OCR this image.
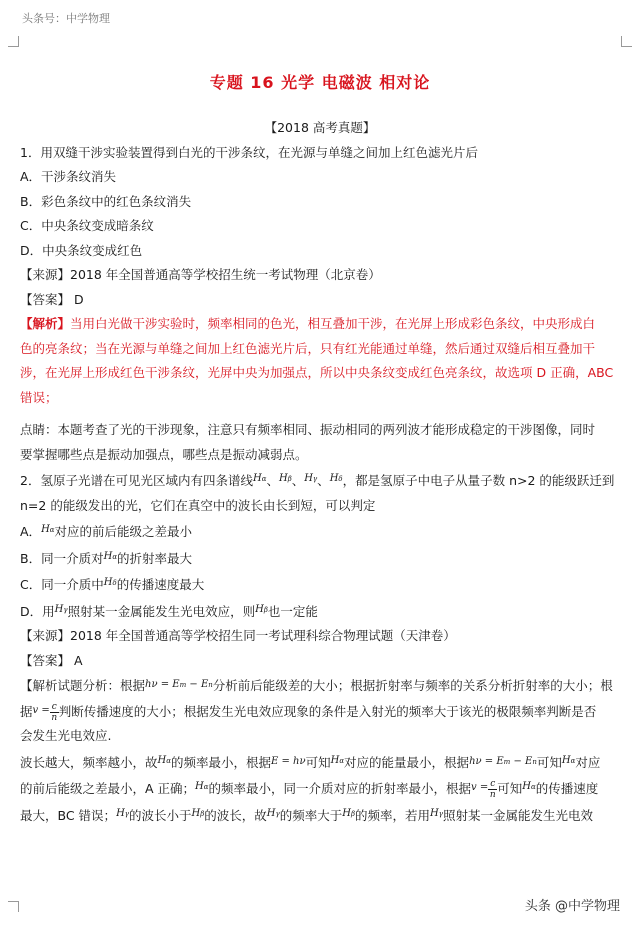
头条号：中学物理
专题 16 光学 电磁波 相对论
【2018 高考真题】
1．用双缝干涉实验装置得到白光的干涉条纹，在光源与单缝之间加上红色滤光片后
A．干涉条纹消失
B．彩色条纹中的红色条纹消失
C．中央条纹变成暗条纹
D．中央条纹变成红色
【来源】2018 年全国普通高等学校招生统一考试物理（北京卷）
【答案】 D
【解析】当用白光做干涉实验时，频率相同的色光，相互叠加干涉，在光屏上形成彩色条纹，中央形成白
色的亮条纹；当在光源与单缝之间加上红色滤光片后，只有红光能通过单缝，然后通过双缝后相互叠加干
涉，在光屏上形成红色干涉条纹，光屏中央为加强点，所以中央条纹变成红色亮条纹，故选项 D 正确，ABC
错误；
点睛：本题考查了光的干涉现象，注意只有频率相同、振动相同的两列波才能形成稳定的干涉图像，同时
要掌握哪些点是振动加强点，哪些点是振动减弱点。
2．氢原子光谱在可见光区域内有四条谱线$^{H\alpha}$、$^{H\beta}$、$^{H\gamma}$、$^{H\delta}$，都是氢原子中电子从量子数 n>2 的能级跃迁到
n=2 的能级发出的光，它们在真空中的波长由长到短，可以判定
A．$^{H\alpha}$对应的前后能级之差最小
B．同一介质对$^{H\alpha}$的折射率最大
C．同一介质中$^{H\delta}$的传播速度最大
D．用$^{H\gamma}$照射某一金属能发生光电效应，则$^{H\beta}$也一定能
【来源】2018 年全国普通高等学校招生同一考试理科综合物理试题（天津卷）
【答案】 A
【解析试题分析：根据$^{h\nu = Em - En}$分析前后能级差的大小；根据折射率与频率的关系分析折射率的大小；根
据$^{v =} \frac{c}{n}$ 判断传播速度的大小；根据发生光电效应现象的条件是入射光的频率大于该光的极限频率判断是否
会发生光电效应.
波长越大，频率越小，故$^{H\alpha}$的频率最小，根据$^{E = h\nu}$可知$^{H\alpha}$对应的能量最小，根据$^{h\nu = Em - En}$可知$^{H\alpha}$对应
的前后能级之差最小，A 正确；$^{H\alpha}$的频率最小，同一介质对应的折射率最小，根据$^{v =} \frac{c}{n}$ 可知$^{H\alpha}$的传播速度
最大，BC 错误；$^{H\gamma}$的波长小于$^{H\beta}$的波长，故$^{H\gamma}$的频率大于$^{H\beta}$的频率，若用$^{H\gamma}$照射某一金属能发生光电效
头条 @中学物理
